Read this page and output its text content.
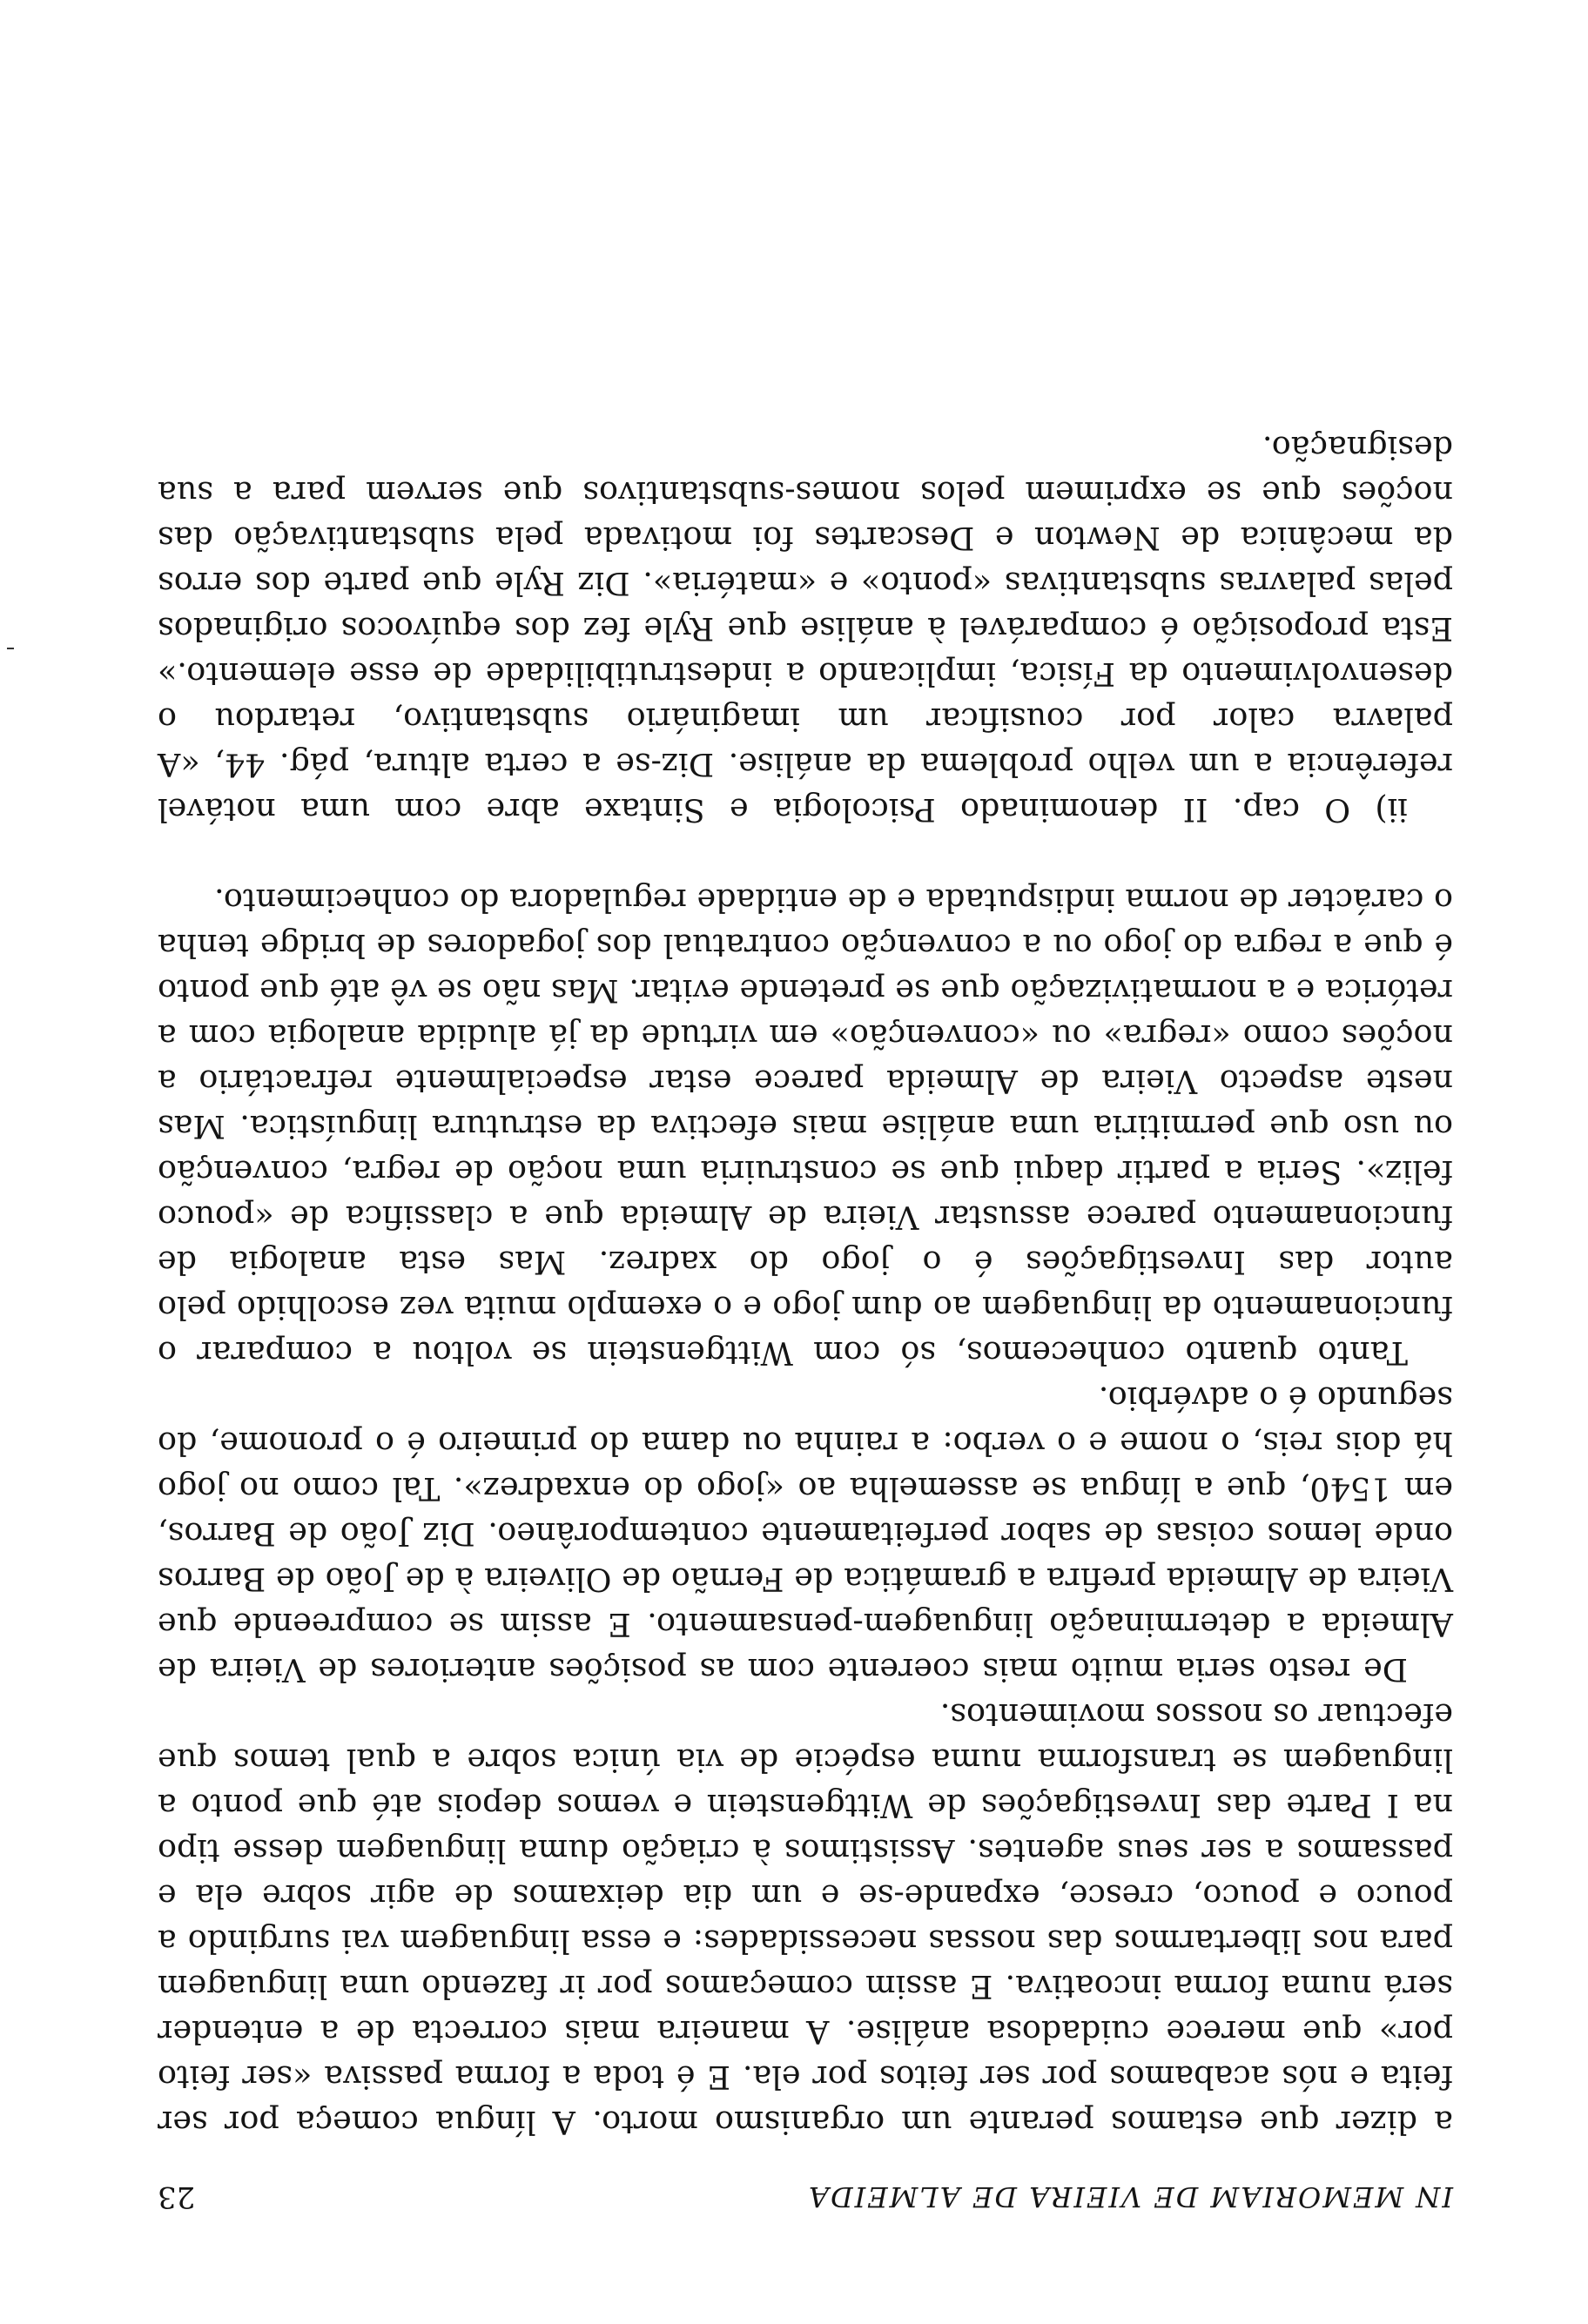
IN MEMORIAM DE VIEIRA DE ALMEIDA
23

a dizer que estamos perante um organismo morto. A língua começa por ser feita e nós acabamos por ser feitos por ela. E é toda a forma passiva «ser feito por» que merece cuidadosa análise. A maneira mais correcta de a entender será numa forma incoativa. E assim começamos por ir fazendo uma linguagem para nos libertarmos das nossas necessidades: e essa linguagem vai surgindo a pouco e pouco, cresce, expande-se e um dia deixamos de agir sobre ela e passamos a ser seus agentes. Assistimos à criação duma linguagem desse tipo na I Parte das Investigações de Wittgenstein e vemos depois até que ponto a linguagem se transforma numa espécie de via única sobre a qual temos que efectuar os nossos movimentos.

De resto seria muito mais coerente com as posições anteriores de Vieira de Almeida a determinação linguagem-pensamento. E assim se compreende que Vieira de Almeida prefira a gramática de Fernão de Oliveira à de João de Barros onde lemos coisas de sabor perfeitamente contemporâneo. Diz João de Barros, em 1540, que a língua se assemelha ao «jogo do enxadrez». Tal como no jogo há dois reis, o nome e o verbo: a rainha ou dama do primeiro é o pronome, do segundo é o advérbio.

Tanto quanto conhecemos, só com Wittgenstein se voltou a comparar o funcionamento da linguagem ao dum jogo e o exemplo muita vez escolhido pelo autor das Investigações é o jogo do xadrez. Mas esta analogia de funcionamento parece assustar Vieira de Almeida que a classifica de «pouco feliz». Seria a partir daqui que se construiria uma noção de regra, convenção ou uso que permitiria uma análise mais efectiva da estrutura linguística. Mas neste aspecto Vieira de Almeida parece estar especialmente refractário a noções como «regra» ou «convenção» em virtude da já aludida analogia com a retórica e a normativização que se pretende evitar. Mas não se vê até que ponto é que a regra do jogo ou a convenção contratual dos jogadores de bridge tenha o carácter de norma indisputada e de entidade reguladora do conhecimento.

ii) O cap. II denominado Psicologia e Sintaxe abre com uma notável referência a um velho problema da análise. Diz-se a certa altura, pág. 44, «A palavra calor por cousificar um imaginário substantivo, retardou o desenvolvimento da Física, implicando a indestrutibilidade de esse elemento.» Esta proposição é comparável à análise que Ryle fez dos equívocos originados pelas palavras substantivas «ponto» e «matéria». Diz Ryle que parte dos erros da mecânica de Newton e Descartes foi motivada pela substantivação das noções que se exprimem pelos nomes-substantivos que servem para a sua designação.
